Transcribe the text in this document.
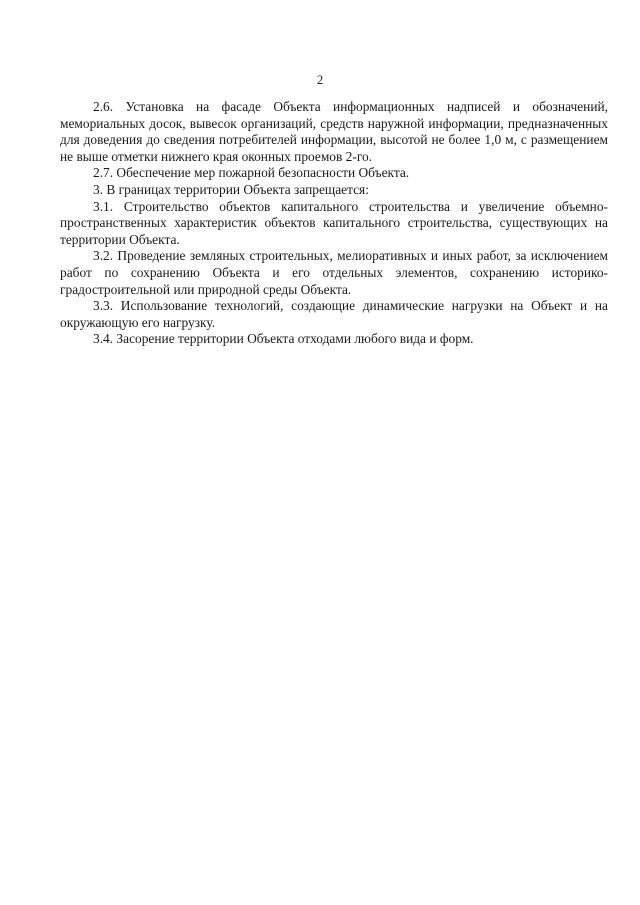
2

2.6. Установка на фасаде Объекта информационных надписей и обозначений, мемориальных досок, вывесок организаций, средств наружной информации, предназначенных для доведения до сведения потребителей информации, высотой не более 1,0 м, с размещением не выше отметки нижнего края оконных проемов 2-го.

2.7. Обеспечение мер пожарной безопасности Объекта.

3. В границах территории Объекта запрещается:

3.1. Строительство объектов капитального строительства и увеличение объемно-пространственных характеристик объектов капитального строительства, существующих на территории Объекта.

3.2. Проведение земляных строительных, мелиоративных и иных работ, за исключением работ по сохранению Объекта и его отдельных элементов, сохранению историко-градостроительной или природной среды Объекта.

3.3. Использование технологий, создающие динамические нагрузки на Объект и на окружающую его нагрузку.

3.4. Засорение территории Объекта отходами любого вида и форм.
